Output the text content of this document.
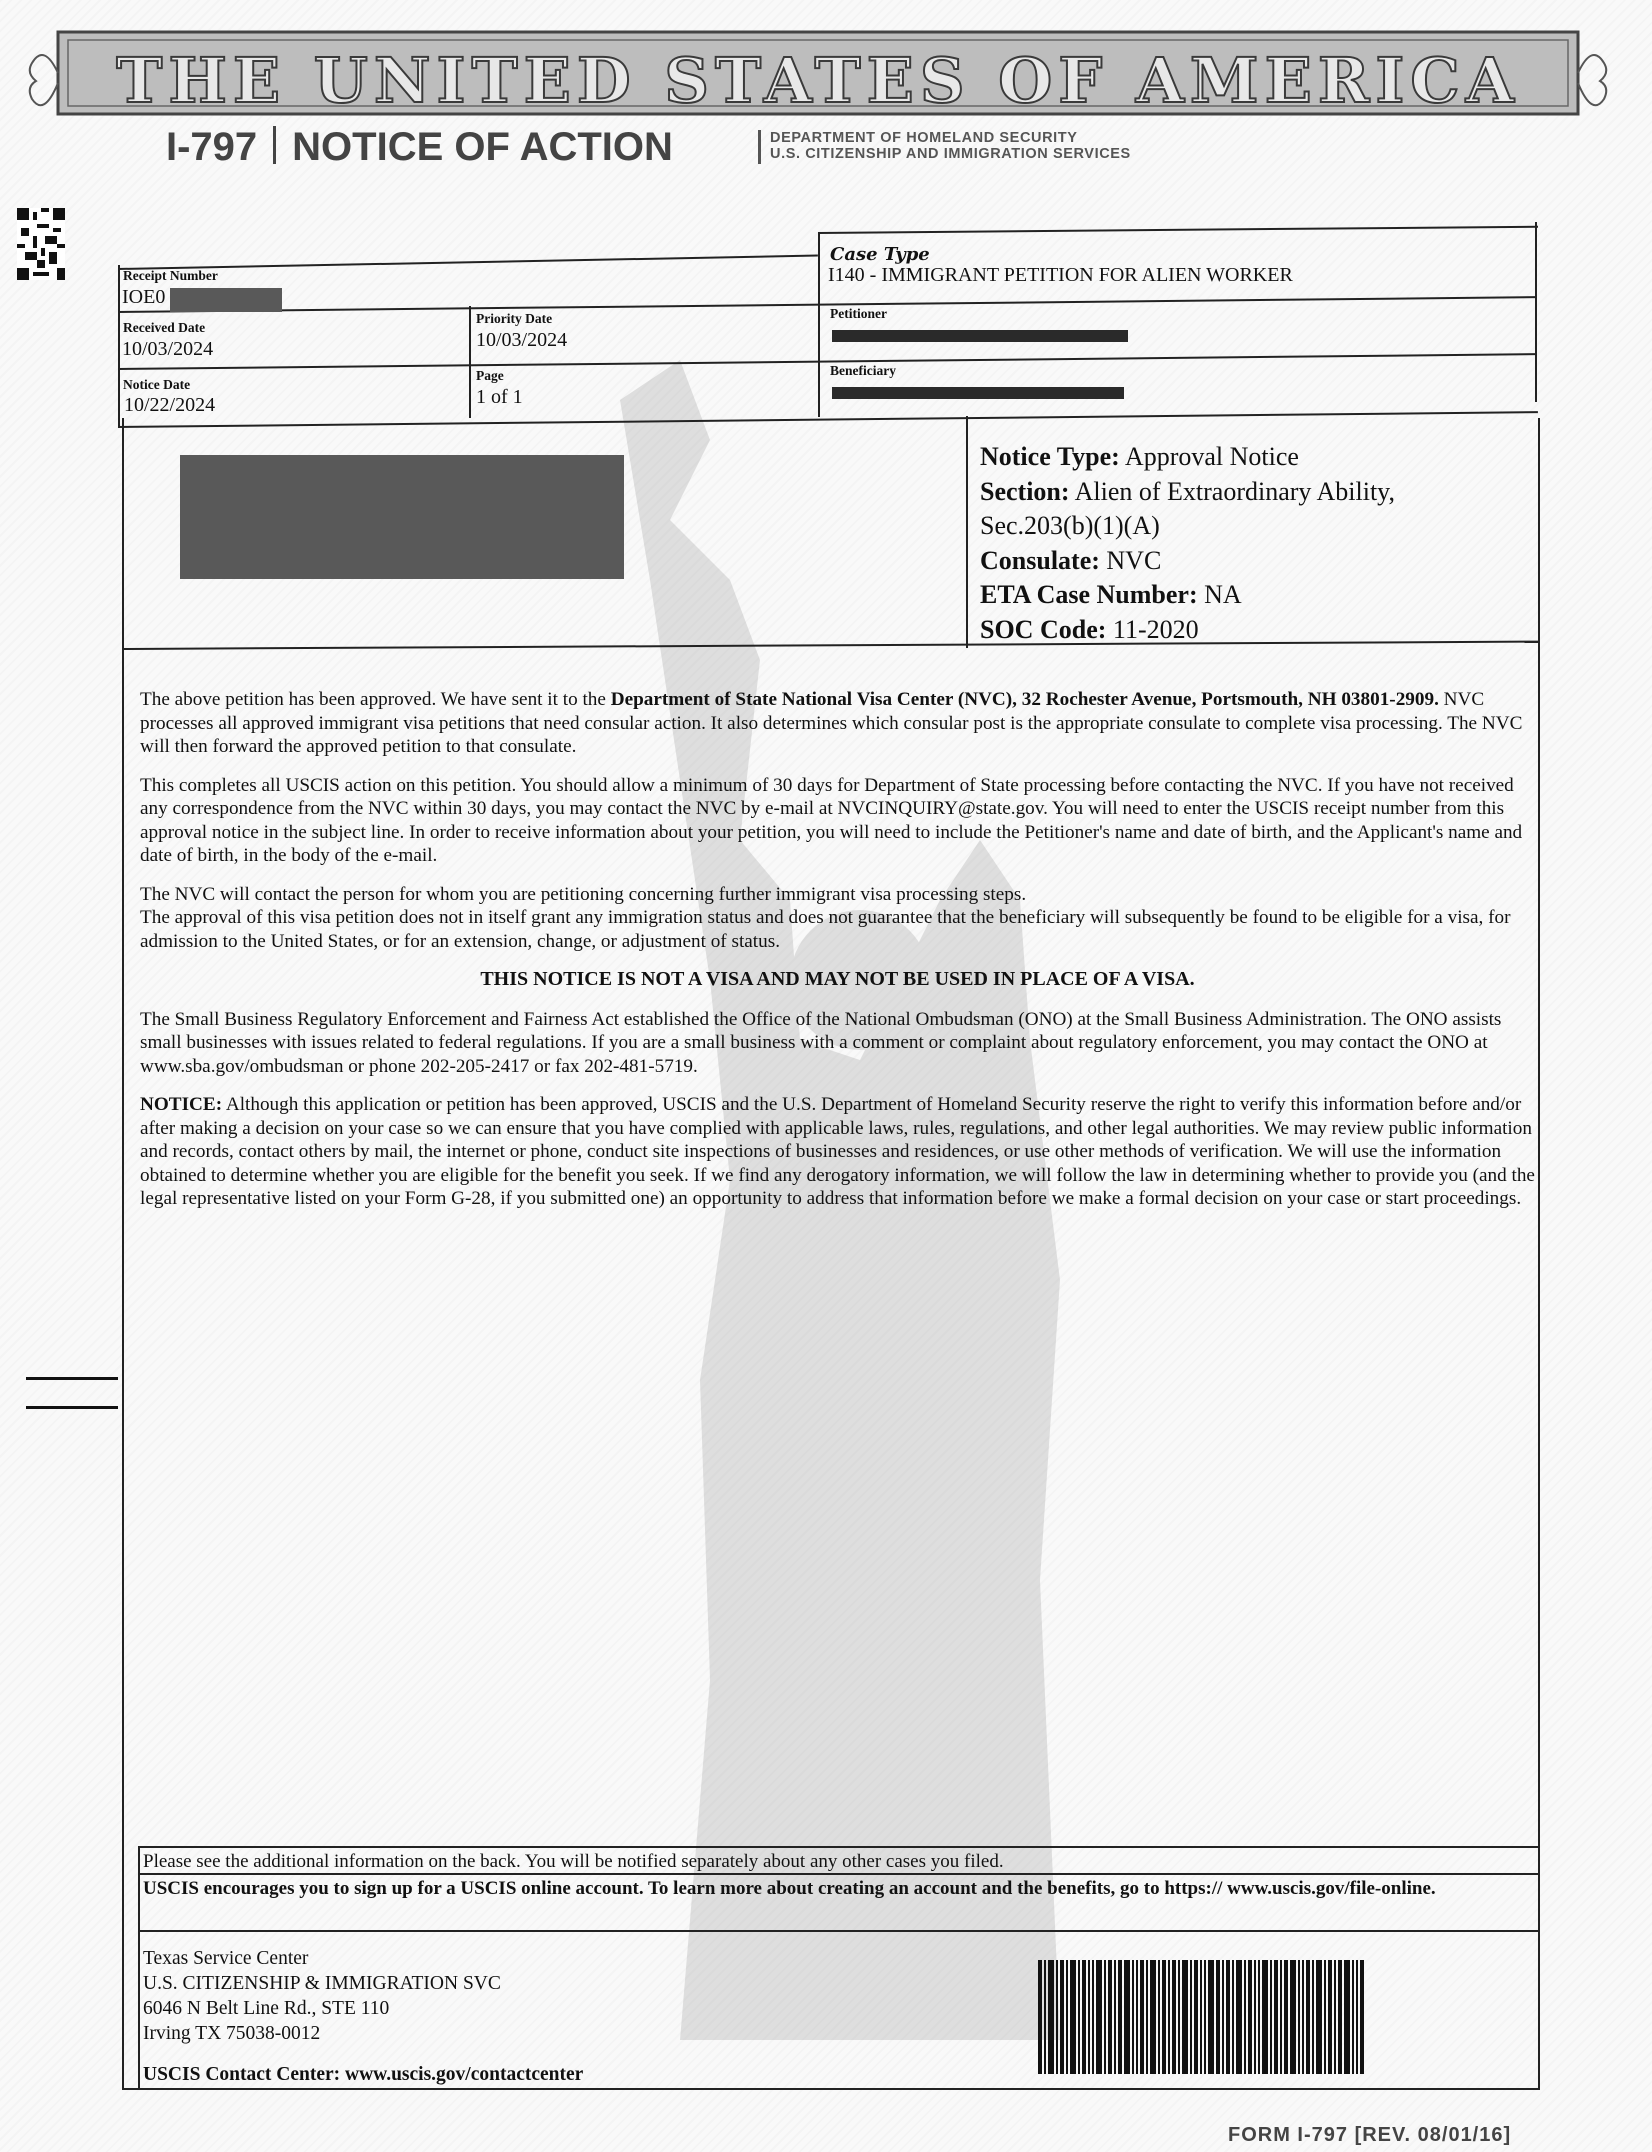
THE UNITED STATES OF AMERICA
I-797 NOTICE OF ACTION	DEPARTMENT OF HOMELAND SECURITY
U.S. CITIZENSHIP AND IMMIGRATION SERVICES
Receipt Number
IOE0
Case Type
I140 - IMMIGRANT PETITION FOR ALIEN WORKER
Received Date
10/03/2024
Priority Date
10/03/2024
Petitioner
Notice Date
10/22/2024
Page
1 of 1
Beneficiary
Notice Type: Approval Notice
Section: Alien of Extraordinary Ability,
Sec.203(b)(1)(A)
Consulate: NVC
ETA Case Number: NA
SOC Code: 11-2020

The above petition has been approved. We have sent it to the Department of State National Visa Center (NVC), 32 Rochester Avenue, Portsmouth, NH 03801-2909. NVC processes all approved immigrant visa petitions that need consular action. It also determines which consular post is the appropriate consulate to complete visa processing. The NVC will then forward the approved petition to that consulate.

This completes all USCIS action on this petition. You should allow a minimum of 30 days for Department of State processing before contacting the NVC. If you have not received any correspondence from the NVC within 30 days, you may contact the NVC by e-mail at NVCINQUIRY@state.gov. You will need to enter the USCIS receipt number from this approval notice in the subject line. In order to receive information about your petition, you will need to include the Petitioner's name and date of birth, and the Applicant's name and date of birth, in the body of the e-mail.

The NVC will contact the person for whom you are petitioning concerning further immigrant visa processing steps.
The approval of this visa petition does not in itself grant any immigration status and does not guarantee that the beneficiary will subsequently be found to be eligible for a visa, for admission to the United States, or for an extension, change, or adjustment of status.

THIS NOTICE IS NOT A VISA AND MAY NOT BE USED IN PLACE OF A VISA.

The Small Business Regulatory Enforcement and Fairness Act established the Office of the National Ombudsman (ONO) at the Small Business Administration. The ONO assists small businesses with issues related to federal regulations. If you are a small business with a comment or complaint about regulatory enforcement, you may contact the ONO at www.sba.gov/ombudsman or phone 202-205-2417 or fax 202-481-5719.

NOTICE: Although this application or petition has been approved, USCIS and the U.S. Department of Homeland Security reserve the right to verify this information before and/or after making a decision on your case so we can ensure that you have complied with applicable laws, rules, regulations, and other legal authorities. We may review public information and records, contact others by mail, the internet or phone, conduct site inspections of businesses and residences, or use other methods of verification. We will use the information obtained to determine whether you are eligible for the benefit you seek. If we find any derogatory information, we will follow the law in determining whether to provide you (and the legal representative listed on your Form G-28, if you submitted one) an opportunity to address that information before we make a formal decision on your case or start proceedings.

Please see the additional information on the back. You will be notified separately about any other cases you filed.
USCIS encourages you to sign up for a USCIS online account. To learn more about creating an account and the benefits, go to https:// www.uscis.gov/file-online.
Texas Service Center
U.S. CITIZENSHIP & IMMIGRATION SVC
6046 N Belt Line Rd., STE 110
Irving TX 75038-0012
USCIS Contact Center: www.uscis.gov/contactcenter
FORM I-797 [REV. 08/01/16]
